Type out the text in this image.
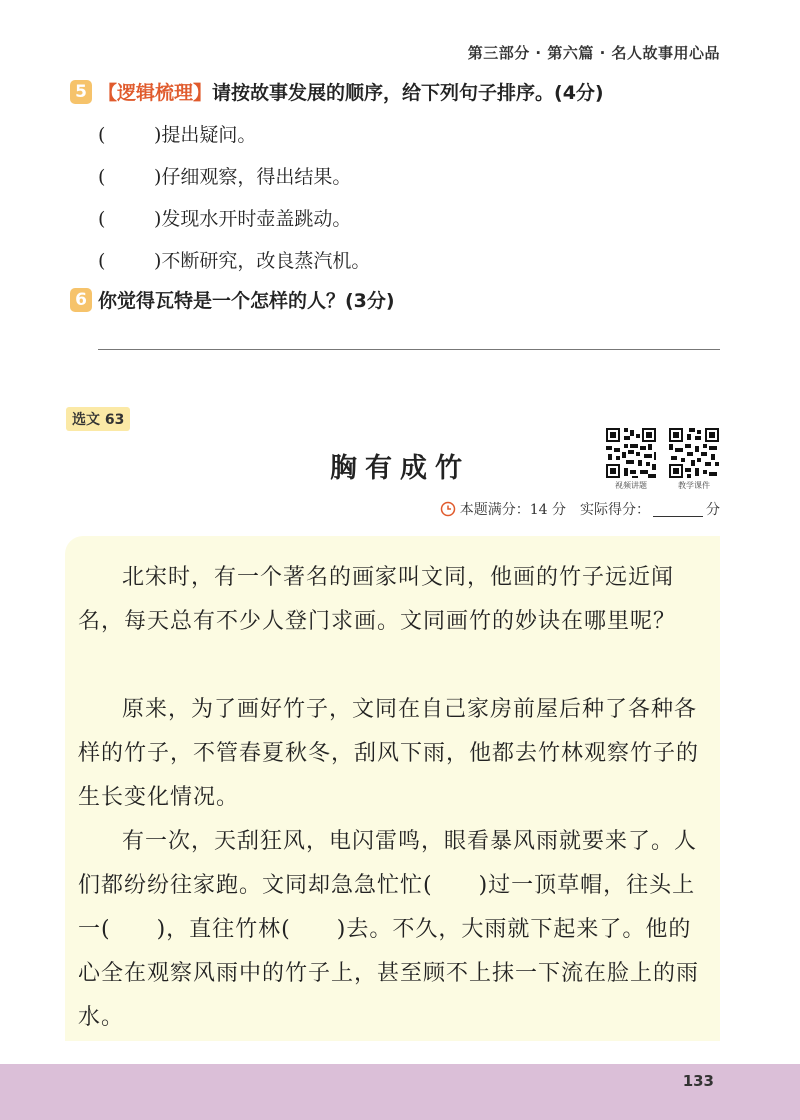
第三部分 · 第六篇 · 名人故事用心品
5 【逻辑梳理】 请按故事发展的顺序，给下列句子排序。(4分)
(	)提出疑问。
(	)仔细观察，得出结果。
(	)发现水开时壶盖跳动。
(	)不断研究，改良蒸汽机。
6 你觉得瓦特是一个怎样的人？(3分)
选文 63
胸有成竹
视频讲题	教学课件
本题满分：14 分 实际得分：	分

北宋时，有一个著名的画家叫文同，他画的竹子远近闻名，每天总有不少人登门求画。文同画竹的妙诀在哪里呢？

原来，为了画好竹子，文同在自己家房前屋后种了各种各样的竹子，不管春夏秋冬，刮风下雨，他都去竹林观察竹子的生长变化情况。

有一次，天刮狂风，电闪雷鸣，眼看暴风雨就要来了。人们都纷纷往家跑。文同却急急忙忙(　　)过一顶草帽，往头上一(　　)，直往竹林(　　)去。不久，大雨就下起来了。他的心全在观察风雨中的竹子上，甚至顾不上抹一下流在脸上的雨水。

133
